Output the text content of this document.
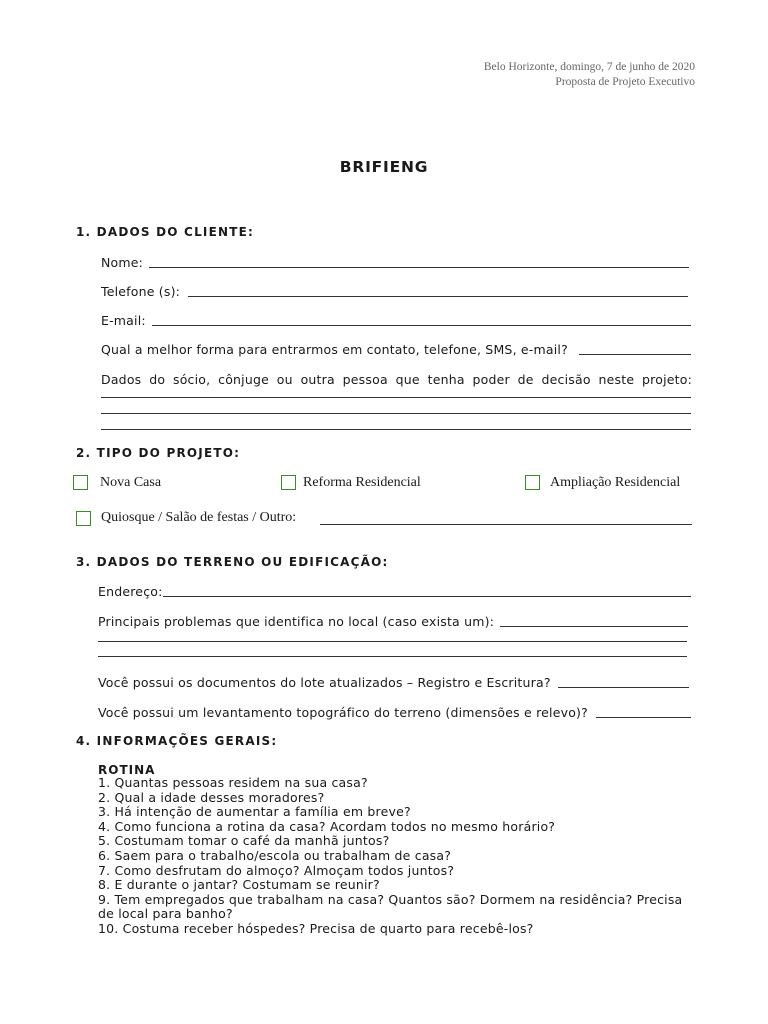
Belo Horizonte, domingo, 7 de junho de 2020
Proposta de Projeto Executivo
BRIFIENG
1. DADOS DO CLIENTE:
Nome:
Telefone (s):
E-mail:
Qual a melhor forma para entrarmos em contato, telefone, SMS, e-mail?
Dados do sócio, cônjuge ou outra pessoa que tenha poder de decisão neste projeto:
2. TIPO DO PROJETO:
Nova Casa	Reforma Residencial	Ampliação Residencial
Quiosque / Salão de festas / Outro:
3. DADOS DO TERRENO OU EDIFICAÇÃO:
Endereço:
Principais problemas que identifica no local (caso exista um):
Você possui os documentos do lote atualizados – Registro e Escritura?
Você possui um levantamento topográfico do terreno (dimensões e relevo)?
4. INFORMAÇÕES GERAIS:
ROTINA
1. Quantas pessoas residem na sua casa?
2. Qual a idade desses moradores?
3. Há intenção de aumentar a família em breve?
4. Como funciona a rotina da casa? Acordam todos no mesmo horário?
5. Costumam tomar o café da manhã juntos?
6. Saem para o trabalho/escola ou trabalham de casa?
7. Como desfrutam do almoço? Almoçam todos juntos?
8. E durante o jantar? Costumam se reunir?
9. Tem empregados que trabalham na casa? Quantos são? Dormem na residência? Precisa
de local para banho?
10. Costuma receber hóspedes? Precisa de quarto para recebê-los?
